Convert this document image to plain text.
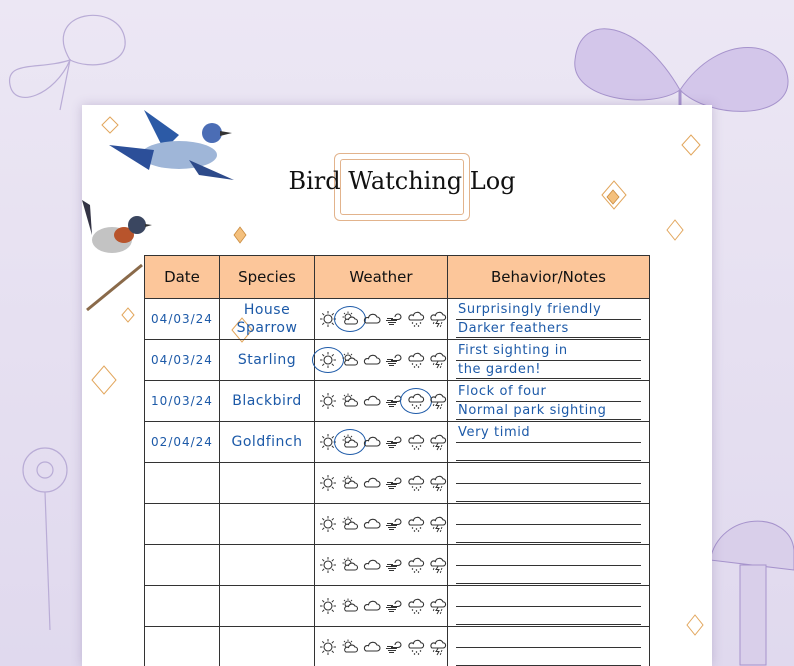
Bird Watching Log
Date	Species	Weather	Behavior/Notes
04/03/24	House Sparrow		Surprisingly friendly
Darker feathers

04/03/24	Starling		First sighting in
the garden!

10/03/24	Blackbird		Flock of four
Normal park sighting

02/04/24	Goldfinch		Very timid
